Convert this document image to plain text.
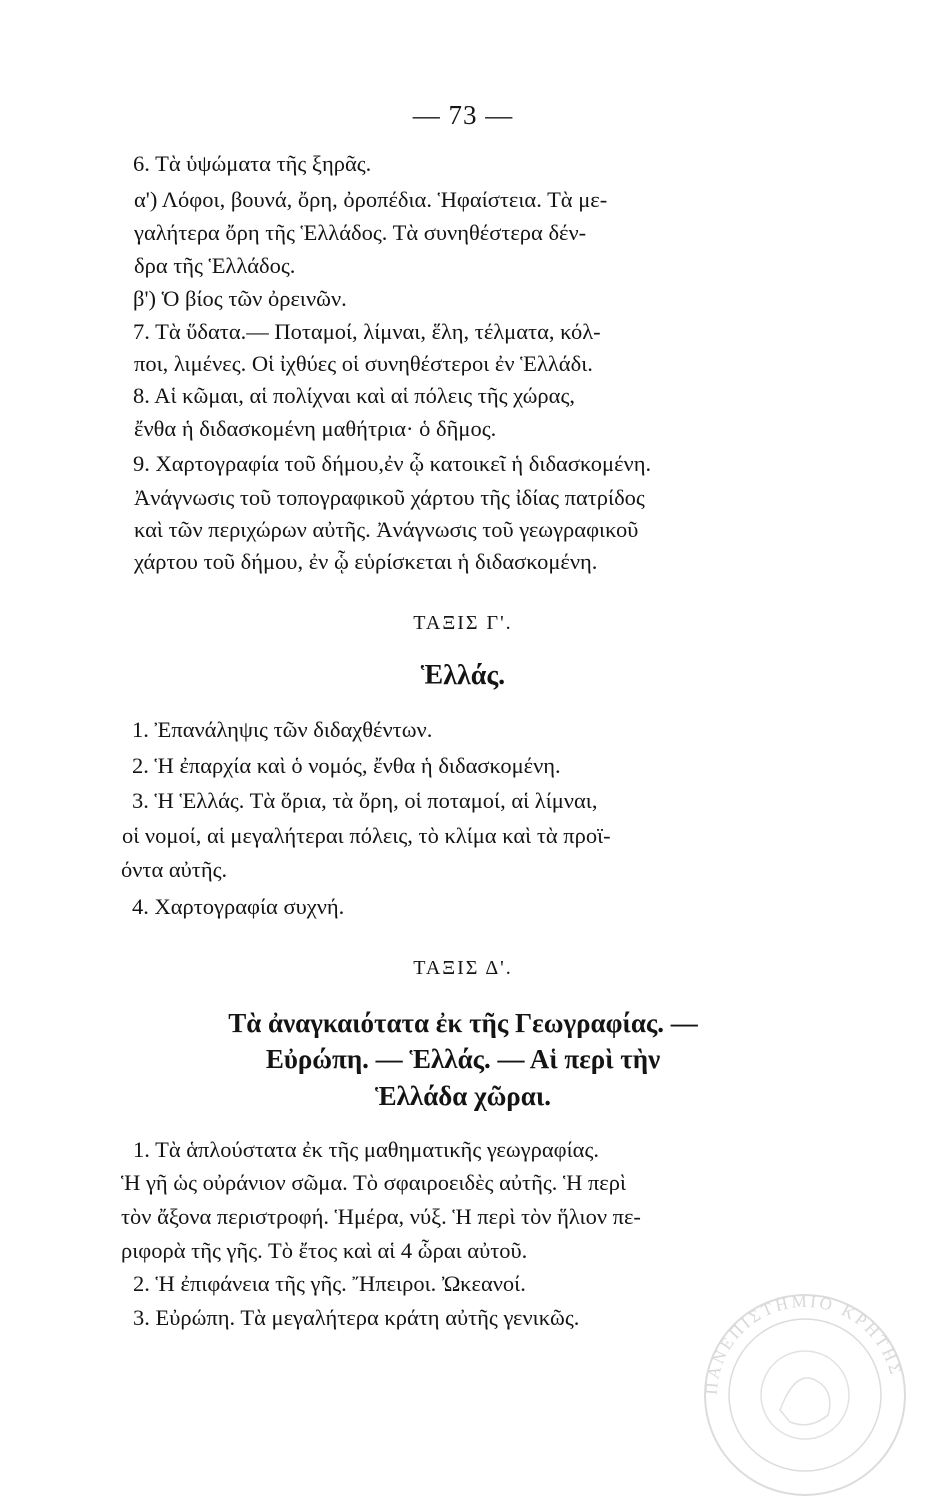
— 73 —
6. Τὰ ὑψώματα τῆς ξηρᾶς.
α') Λόφοι, βουνά, ὄρη, ὀροπέδια. Ἡφαίστεια. Τὰ με-
γαλήτερα ὄρη τῆς Ἑλλάδος. Τὰ συνηθέστερα δέν-
δρα τῆς Ἑλλάδος.
β') Ὁ βίος τῶν ὀρεινῶν.
7. Τὰ ὕδατα.— Ποταμοί, λίμναι, ἕλη, τέλματα, κόλ-
ποι, λιμένες. Οἱ ἰχθύες οἱ συνηθέστεροι ἐν Ἑλλάδι.
8. Αἱ κῶμαι, αἱ πολίχναι καὶ αἱ πόλεις τῆς χώρας,
ἔνθα ἡ διδασκομένη μαθήτρια· ὁ δῆμος.
9. Χαρτογραφία τοῦ δήμου,ἐν ᾧ κατοικεῖ ἡ διδασκομένη.
Ἀνάγνωσις τοῦ τοπογραφικοῦ χάρτου τῆς ἰδίας πατρίδος
καὶ τῶν περιχώρων αὐτῆς. Ἀνάγνωσις τοῦ γεωγραφικοῦ
χάρτου τοῦ δήμου, ἐν ᾧ εὑρίσκεται ἡ διδασκομένη.
ΤΑΞΙΣ Γ'.
Ἑλλάς.
1. Ἐπανάληψις τῶν διδαχθέντων.
2. Ἡ ἐπαρχία καὶ ὁ νομός, ἔνθα ἡ διδασκομένη.
3. Ἡ Ἑλλάς. Τὰ ὅρια, τὰ ὄρη, οἱ ποταμοί, αἱ λίμναι,
οἱ νομοί, αἱ μεγαλήτεραι πόλεις, τὸ κλίμα καὶ τὰ προϊ-
όντα αὐτῆς.
4. Χαρτογραφία συχνή.
ΤΑΞΙΣ Δ'.
Τὰ ἀναγκαιότατα ἐκ τῆς Γεωγραφίας. —
Εὐρώπη. — Ἑλλάς. — Αἱ περὶ τὴν
Ἑλλάδα χῶραι.
1. Τὰ ἁπλούστατα ἐκ τῆς μαθηματικῆς γεωγραφίας.
Ἡ γῆ ὡς οὐράνιον σῶμα. Τὸ σφαιροειδὲς αὐτῆς. Ἡ περὶ
τὸν ἄξονα περιστροφή. Ἡμέρα, νύξ. Ἡ περὶ τὸν ἥλιον πε-
ριφορὰ τῆς γῆς. Τὸ ἔτος καὶ αἱ 4 ὧραι αὐτοῦ.
2. Ἡ ἐπιφάνεια τῆς γῆς. Ἤπειροι. Ὠκεανοί.
3. Εὐρώπη. Τὰ μεγαλήτερα κράτη αὐτῆς γενικῶς.
ΠΑΝΕΠΙΣΤΗΜΙΟ ΚΡΗΤΗΣ
